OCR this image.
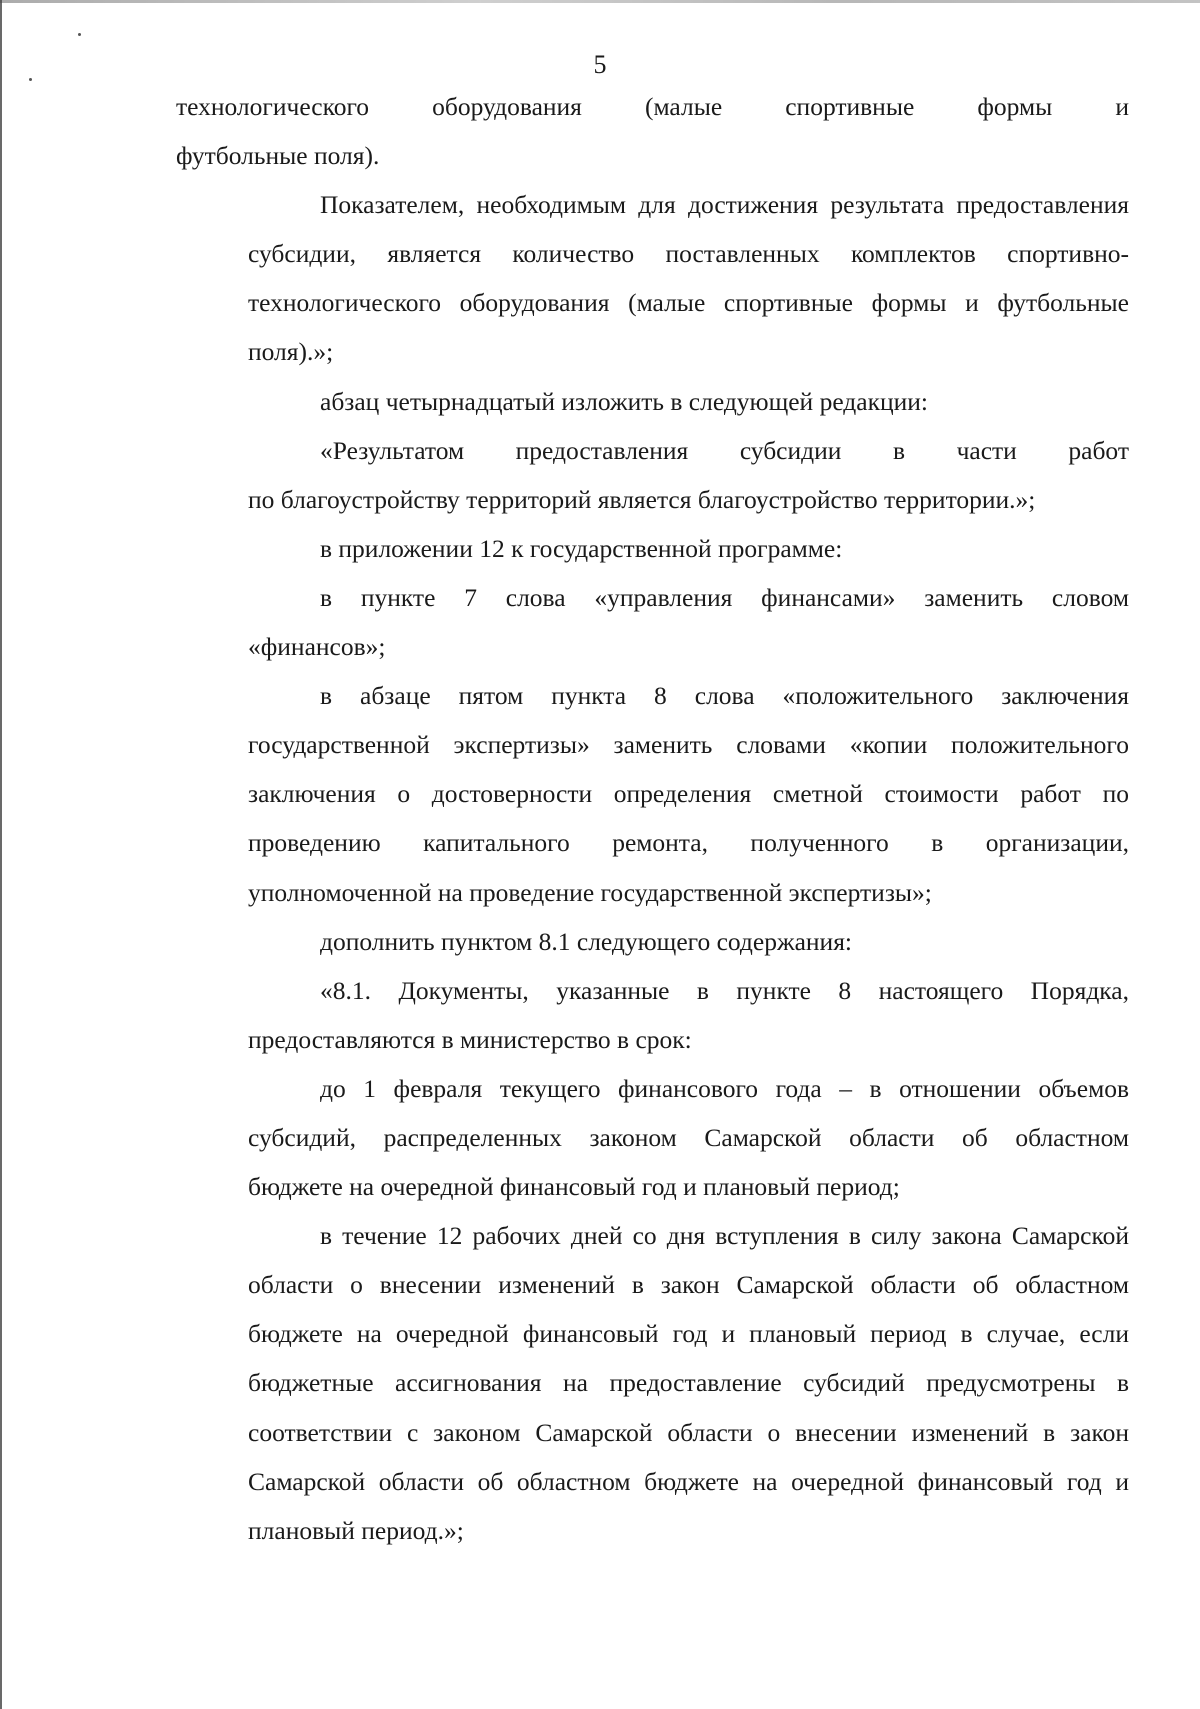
5
технологического оборудования (малые спортивные формы и
футбольные поля).
Показателем, необходимым для достижения результата предоставления
субсидии, является количество поставленных комплектов спортивно-
технологического оборудования (малые спортивные формы и футбольные
поля).»;
абзац четырнадцатый изложить в следующей редакции:
«Результатом предоставления субсидии в части работ
по благоустройству территорий является благоустройство территории.»;
в приложении 12 к государственной программе:
в пункте 7 слова «управления финансами» заменить словом
«финансов»;
в абзаце пятом пункта 8 слова «положительного заключения
государственной экспертизы» заменить словами «копии положительного
заключения о достоверности определения сметной стоимости работ по
проведению капитального ремонта, полученного в организации,
уполномоченной на проведение государственной экспертизы»;
дополнить пунктом 8.1 следующего содержания:
«8.1. Документы, указанные в пункте 8 настоящего Порядка,
предоставляются в министерство в срок:
до 1 февраля текущего финансового года – в отношении объемов
субсидий, распределенных законом Самарской области об областном
бюджете на очередной финансовый год и плановый период;
в течение 12 рабочих дней со дня вступления в силу закона Самарской
области о внесении изменений в закон Самарской области об областном
бюджете на очередной финансовый год и плановый период в случае, если
бюджетные ассигнования на предоставление субсидий предусмотрены в
соответствии с законом Самарской области о внесении изменений в закон
Самарской области об областном бюджете на очередной финансовый год и
плановый период.»;
